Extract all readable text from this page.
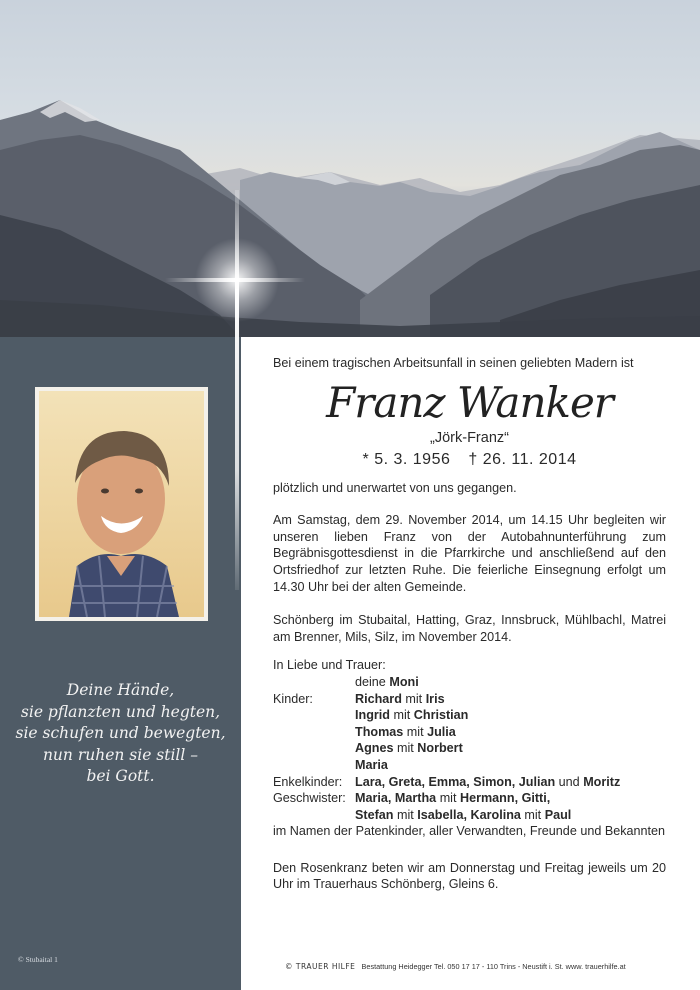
Deine Hände,
sie pflanzten und hegten,
sie schufen und bewegten,
nun ruhen sie still –
bei Gott.
© Stubaital 1

Bei einem tragischen Arbeitsunfall in seinen geliebten Madern ist

Franz Wanker
„Jörk-Franz“
* 5. 3. 1956 † 26. 11. 2014

plötzlich und unerwartet von uns gegangen.

Am Samstag, dem 29. November 2014, um 14.15 Uhr begleiten wir unseren lieben Franz von der Autobahnunterführung zum Begräbnisgottesdienst in die Pfarrkirche und anschließend auf den Ortsfriedhof zur letzten Ruhe. Die feierliche Einsegnung erfolgt um 14.30 Uhr bei der alten Gemeinde.

Schönberg im Stubaital, Hatting, Graz, Innsbruck, Mühlbachl, Matrei am Brenner, Mils, Silz, im November 2014.

In Liebe und Trauer:
deine Moni
Kinder:	Richard mit Iris
Ingrid mit Christian
Thomas mit Julia
Agnes mit Norbert
Maria
Enkelkinder:	Lara, Greta, Emma, Simon, Julian und Moritz
Geschwister: Maria, Martha mit Hermann, Gitti,
Stefan mit Isabella, Karolina mit Paul
im Namen der Patenkinder, aller Verwandten, Freunde und Bekannten

Den Rosenkranz beten wir am Donnerstag und Freitag jeweils um 20 Uhr im Trauerhaus Schönberg, Gleins 6.

© TRAUER HILFE Bestattung Heidegger Tel. 050 17 17 - 110 Trins - Neustift i. St. www. trauerhilfe.at
